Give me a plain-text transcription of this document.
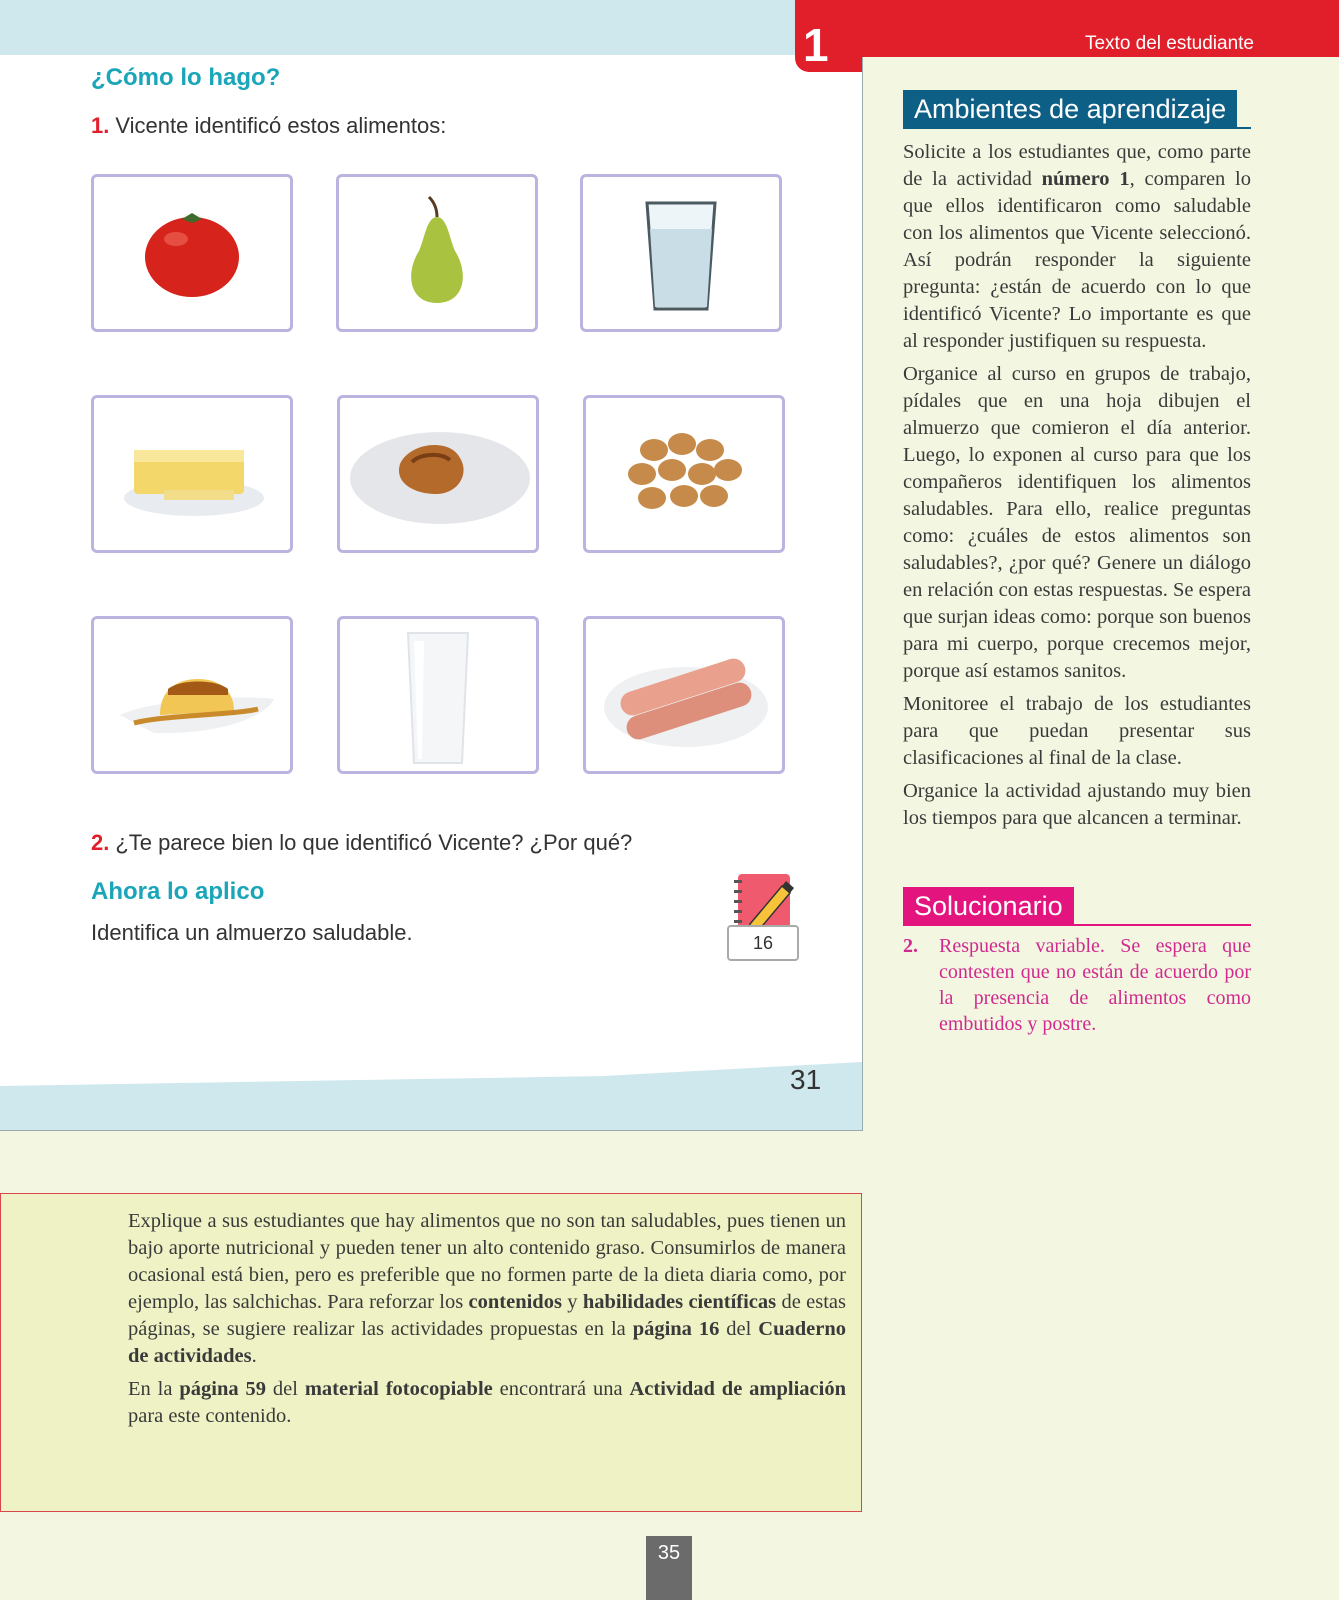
1
¿Cómo lo hago?
1. Vicente identificó estos alimentos:
2. ¿Te parece bien lo que identificó Vicente? ¿Por qué?
Ahora lo aplico
Identifica un almuerzo saludable.	16
31
Texto del estudiante
Ambientes de aprendizaje

Solicite a los estudiantes que, como parte de la actividad número 1, comparen lo que ellos identificaron como saludable con los alimentos que Vicente seleccionó. Así podrán responder la siguiente pregunta: ¿están de acuerdo con lo que identificó Vicente? Lo importante es que al responder justifiquen su respuesta.

Organice al curso en grupos de trabajo, pídales que en una hoja dibujen el almuerzo que comieron el día anterior. Luego, lo exponen al curso para que los compañeros identifiquen los alimentos saludables. Para ello, realice preguntas como: ¿cuáles de estos alimentos son saludables?, ¿por qué? Genere un diálogo en relación con estas respuestas. Se espera que surjan ideas como: porque son buenos para mi cuerpo, porque crecemos mejor, porque así estamos sanitos.

Monitoree el trabajo de los estudiantes para que puedan presentar sus clasificaciones al final de la clase.

Organice la actividad ajustando muy bien los tiempos para que alcancen a terminar.

Solucionario
2. Respuesta variable. Se espera que contesten que no están de acuerdo por la presencia de alimentos como embutidos y postre.

Explique a sus estudiantes que hay alimentos que no son tan saludables, pues tienen un bajo aporte nutricional y pueden tener un alto contenido graso. Consumirlos de manera ocasional está bien, pero es preferible que no formen parte de la dieta diaria como, por ejemplo, las salchichas. Para reforzar los contenidos y habilidades científicas de estas páginas, se sugiere realizar las actividades propuestas en la página 16 del Cuaderno de actividades.

En la página 59 del material fotocopiable encontrará una Actividad de ampliación para este contenido.

35
